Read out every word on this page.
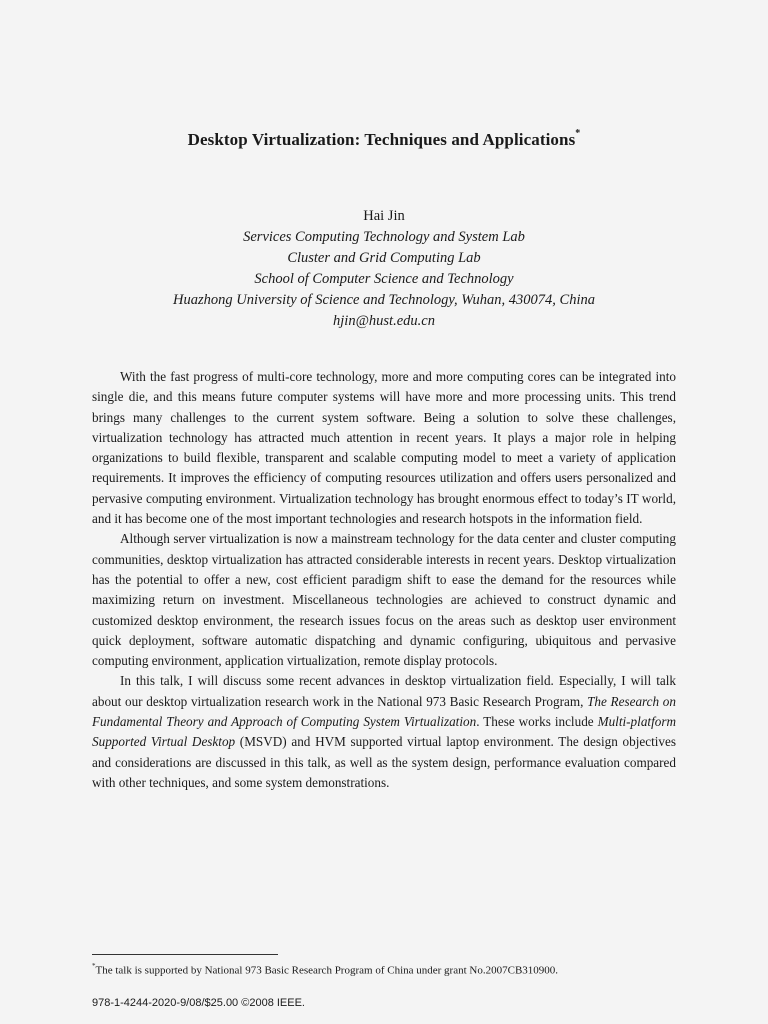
Desktop Virtualization: Techniques and Applications*
Hai Jin
Services Computing Technology and System Lab
Cluster and Grid Computing Lab
School of Computer Science and Technology
Huazhong University of Science and Technology, Wuhan, 430074, China
hjin@hust.edu.cn

With the fast progress of multi-core technology, more and more computing cores can be integrated into single die, and this means future computer systems will have more and more processing units. This trend brings many challenges to the current system software. Being a solution to solve these challenges, virtualization technology has attracted much attention in recent years. It plays a major role in helping organizations to build flexible, transparent and scalable computing model to meet a variety of application requirements. It improves the efficiency of computing resources utilization and offers users personalized and pervasive computing environment. Virtualization technology has brought enormous effect to today’s IT world, and it has become one of the most important technologies and research hotspots in the information field.

Although server virtualization is now a mainstream technology for the data center and cluster computing communities, desktop virtualization has attracted considerable interests in recent years. Desktop virtualization has the potential to offer a new, cost efficient paradigm shift to ease the demand for the resources while maximizing return on investment. Miscellaneous technologies are achieved to construct dynamic and customized desktop environment, the research issues focus on the areas such as desktop user environment quick deployment, software automatic dispatching and dynamic configuring, ubiquitous and pervasive computing environment, application virtualization, remote display protocols.

In this talk, I will discuss some recent advances in desktop virtualization field. Especially, I will talk about our desktop virtualization research work in the National 973 Basic Research Program, The Research on Fundamental Theory and Approach of Computing System Virtualization. These works include Multi-platform Supported Virtual Desktop (MSVD) and HVM supported virtual laptop environment. The design objectives and considerations are discussed in this talk, as well as the system design, performance evaluation compared with other techniques, and some system demonstrations.

*The talk is supported by National 973 Basic Research Program of China under grant No.2007CB310900.
978-1-4244-2020-9/08/$25.00 ©2008 IEEE.
